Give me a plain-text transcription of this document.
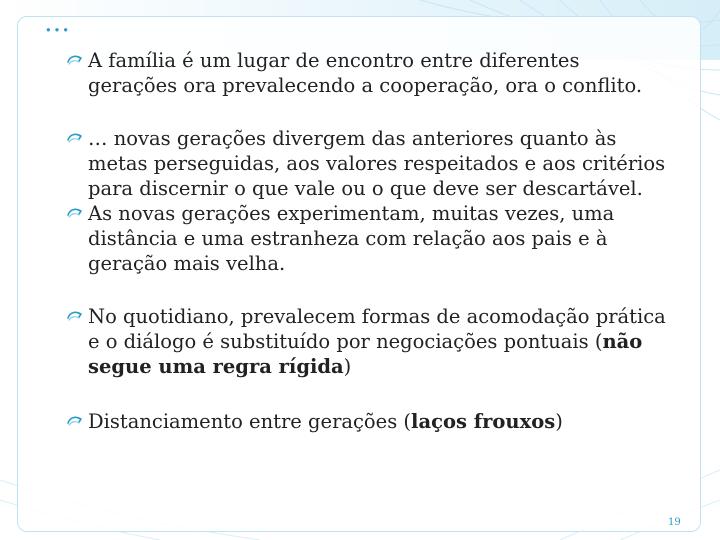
…
A família é um lugar de encontro entre diferentes gerações ora prevalecendo a cooperação, ora o conflito.
… novas gerações divergem das anteriores quanto às metas perseguidas, aos valores respeitados e aos critérios para discernir o que vale ou o que deve ser descartável.
As novas gerações experimentam, muitas vezes, uma distância e uma estranheza com relação aos pais e à geração mais velha.
No quotidiano, prevalecem formas de acomodação prática e o diálogo é substituído por negociações pontuais (não segue uma regra rígida)
Distanciamento entre gerações (laços frouxos)
19
